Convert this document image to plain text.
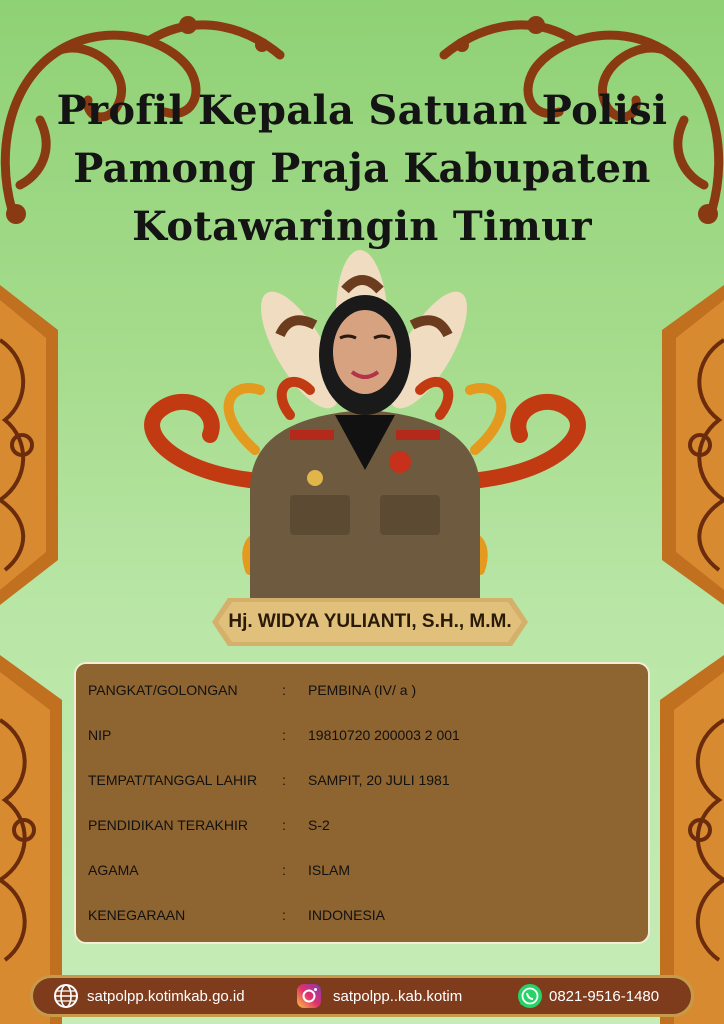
Profil Kepala Satuan Polisi
Pamong Praja Kabupaten
Kotawaringin Timur
Hj. WIDYA YULIANTI, S.H., M.M.
PANGKAT/GOLONGAN	: PEMBINA (IV/ a )
NIP	: 19810720 200003 2 001
TEMPAT/TANGGAL LAHIR	: SAMPIT, 20 JULI 1981
PENDIDIKAN TERAKHIR	: S-2
AGAMA	: ISLAM
KENEGARAAN	: INDONESIA
satpolpp.kotimkab.go.id	satpolpp..kab.kotim	0821-9516-1480
